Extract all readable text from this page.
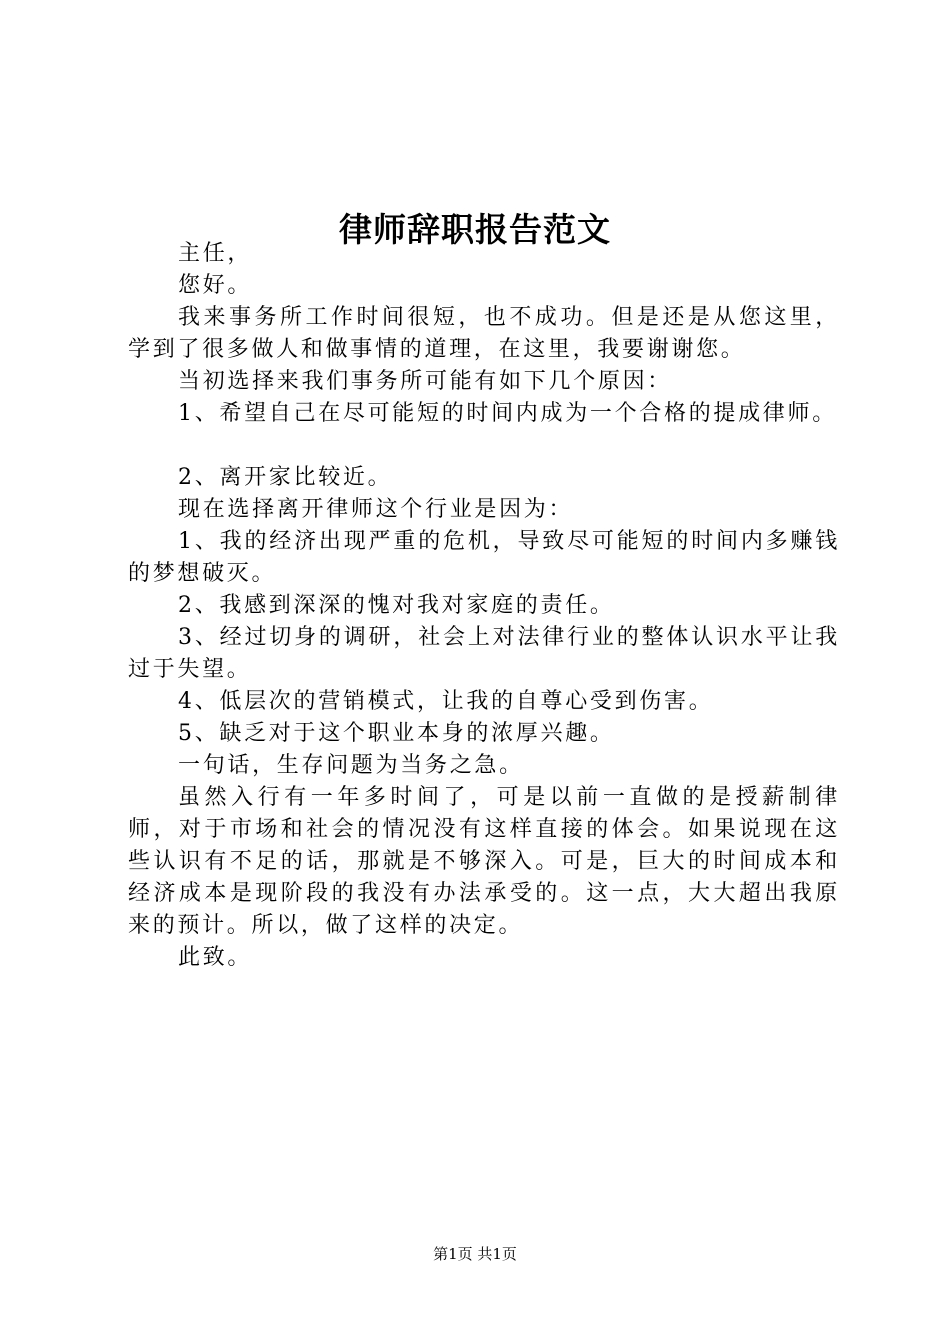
律师辞职报告范文

主任，

您好。

我来事务所工作时间很短，也不成功。但是还是从您这里，学到了很多做人和做事情的道理，在这里，我要谢谢您。

当初选择来我们事务所可能有如下几个原因：

1、希望自己在尽可能短的时间内成为一个合格的提成律师。

2、离开家比较近。

现在选择离开律师这个行业是因为：

1、我的经济出现严重的危机，导致尽可能短的时间内多赚钱的梦想破灭。

2、我感到深深的愧对我对家庭的责任。

3、经过切身的调研，社会上对法律行业的整体认识水平让我过于失望。

4、低层次的营销模式，让我的自尊心受到伤害。

5、缺乏对于这个职业本身的浓厚兴趣。

一句话，生存问题为当务之急。

虽然入行有一年多时间了，可是以前一直做的是授薪制律师，对于市场和社会的情况没有这样直接的体会。如果说现在这些认识有不足的话，那就是不够深入。可是，巨大的时间成本和经济成本是现阶段的我没有办法承受的。这一点，大大超出我原来的预计。所以，做了这样的决定。

此致。

第1页 共1页
